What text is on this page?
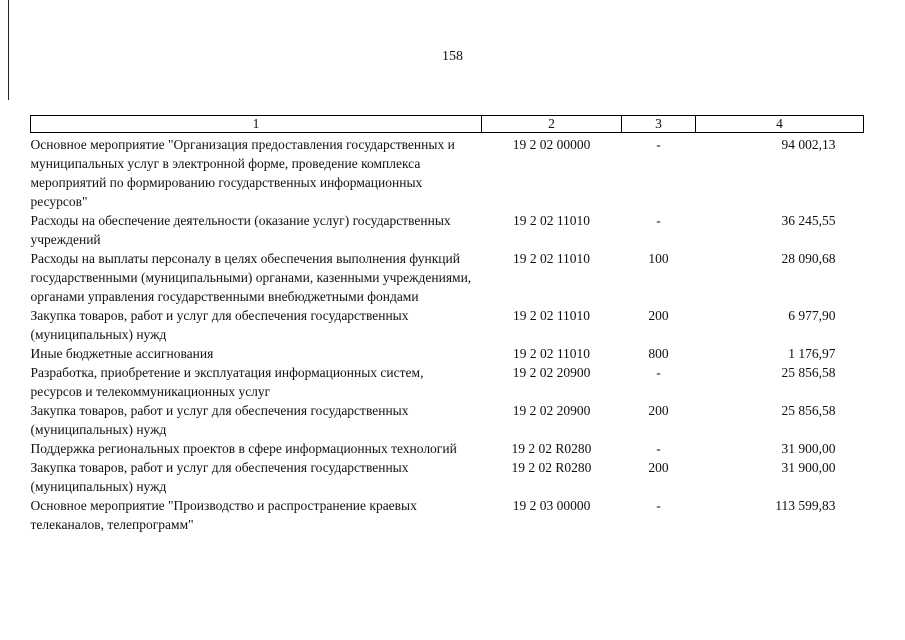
158
1	2	3	4
Основное мероприятие "Организация предоставления государственных и муниципальных услуг в электронной форме, проведение комплекса мероприятий по формированию государственных информационных ресурсов"	19 2 02 00000	-	94 002,13
Расходы на обеспечение деятельности (оказание услуг) государственных учреждений	19 2 02 11010	-	36 245,55
Расходы на выплаты персоналу в целях обеспечения выполнения функций государственными (муниципальными) органами, казенными учреждениями, органами управления государственными внебюджетными фондами	19 2 02 11010	100	28 090,68
Закупка товаров, работ и услуг для обеспечения государственных (муниципальных) нужд	19 2 02 11010	200	6 977,90
Иные бюджетные ассигнования	19 2 02 11010	800	1 176,97
Разработка, приобретение и эксплуатация информационных систем, ресурсов и телекоммуникационных услуг	19 2 02 20900	-	25 856,58
Закупка товаров, работ и услуг для обеспечения государственных (муниципальных) нужд	19 2 02 20900	200	25 856,58
Поддержка региональных проектов в сфере информационных технологий	19 2 02 R0280	-	31 900,00
Закупка товаров, работ и услуг для обеспечения государственных (муниципальных) нужд	19 2 02 R0280	200	31 900,00
Основное мероприятие "Производство и распространение краевых телеканалов, телепрограмм"	19 2 03 00000	-	113 599,83
